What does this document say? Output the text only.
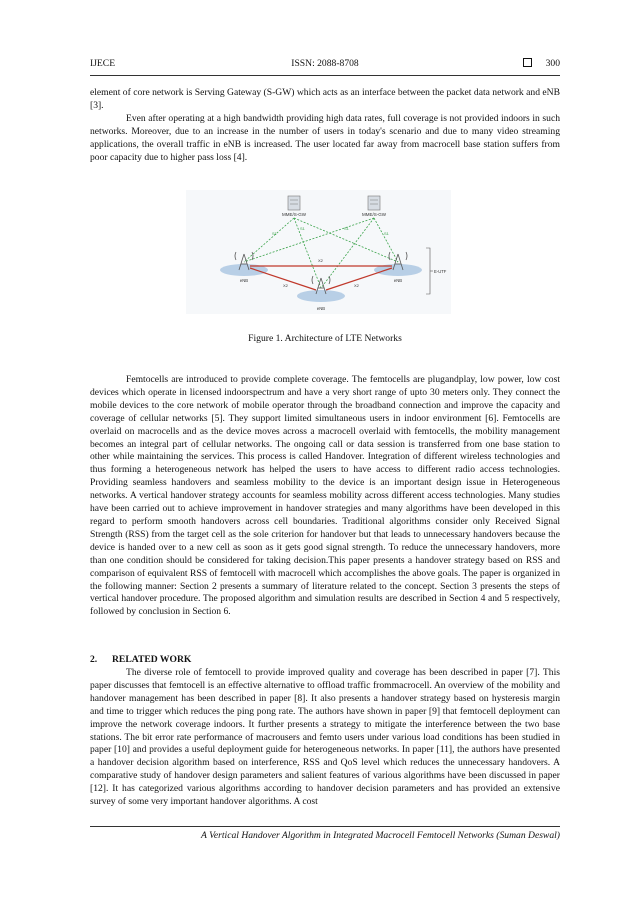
IJECE	ISSN: 2088-8708	300

element of core network is Serving Gateway (S-GW) which acts as an interface between the packet data network and eNB [3].

Even after operating at a high bandwidth providing high data rates, full coverage is not provided indoors in such networks. Moreover, due to an increase in the number of users in today's scenario and due to many video streaming applications, the overall traffic in eNB is increased. The user located far away from macrocell base station suffers from poor capacity due to higher pass loss [4].

MME/S-GW	MME/S-GW
S1
S1	S1
S1
X2
X2	X2
eNB	eNB
eNB
E-UTF
Figure 1. Architecture of LTE Networks

Femtocells are introduced to provide complete coverage. The femtocells are plugandplay, low power, low cost devices which operate in licensed indoorspectrum and have a very short range of upto 30 meters only. They connect the mobile devices to the core network of mobile operator through the broadband connection and improve the capacity and coverage of cellular networks [5]. They support limited simultaneous users in indoor environment [6]. Femtocells are overlaid on macrocells and as the device moves across a macrocell overlaid with femtocells, the mobility management becomes an integral part of cellular networks. The ongoing call or data session is transferred from one base station to other while maintaining the services. This process is called Handover. Integration of different wireless technologies and thus forming a heterogeneous network has helped the users to have access to different radio access technologies. Providing seamless handovers and seamless mobility to the device is an important design issue in Heterogeneous networks. A vertical handover strategy accounts for seamless mobility across different access technologies. Many studies have been carried out to achieve improvement in handover strategies and many algorithms have been developed in this regard to perform smooth handovers across cell boundaries. Traditional algorithms consider only Received Signal Strength (RSS) from the target cell as the sole criterion for handover but that leads to unnecessary handovers because the device is handed over to a new cell as soon as it gets good signal strength. To reduce the unnecessary handovers, more than one condition should be considered for taking decision.This paper presents a handover strategy based on RSS and comparison of equivalent RSS of femtocell with macrocell which accomplishes the above goals. The paper is organized in the following manner: Section 2 presents a summary of literature related to the concept. Section 3 presents the steps of vertical handover procedure. The proposed algorithm and simulation results are described in Section 4 and 5 respectively, followed by conclusion in Section 6.

2. RELATED WORK

The diverse role of femtocell to provide improved quality and coverage has been described in paper [7]. This paper discusses that femtocell is an effective alternative to offload traffic frommacrocell. An overview of the mobility and handover management has been described in paper [8]. It also presents a handover strategy based on hysteresis margin and time to trigger which reduces the ping pong rate. The authors have shown in paper [9] that femtocell deployment can improve the network coverage indoors. It further presents a strategy to mitigate the interference between the two base stations. The bit error rate performance of macrousers and femto users under various load conditions has been studied in paper [10] and provides a useful deployment guide for heterogeneous networks. In paper [11], the authors have presented a handover decision algorithm based on interference, RSS and QoS level which reduces the unnecessary handovers. A comparative study of handover design parameters and salient features of various algorithms have been discussed in paper [12]. It has categorized various algorithms according to handover decision parameters and has provided an extensive survey of some very important handover algorithms. A cost

A Vertical Handover Algorithm in Integrated Macrocell Femtocell Networks (Suman Deswal)
